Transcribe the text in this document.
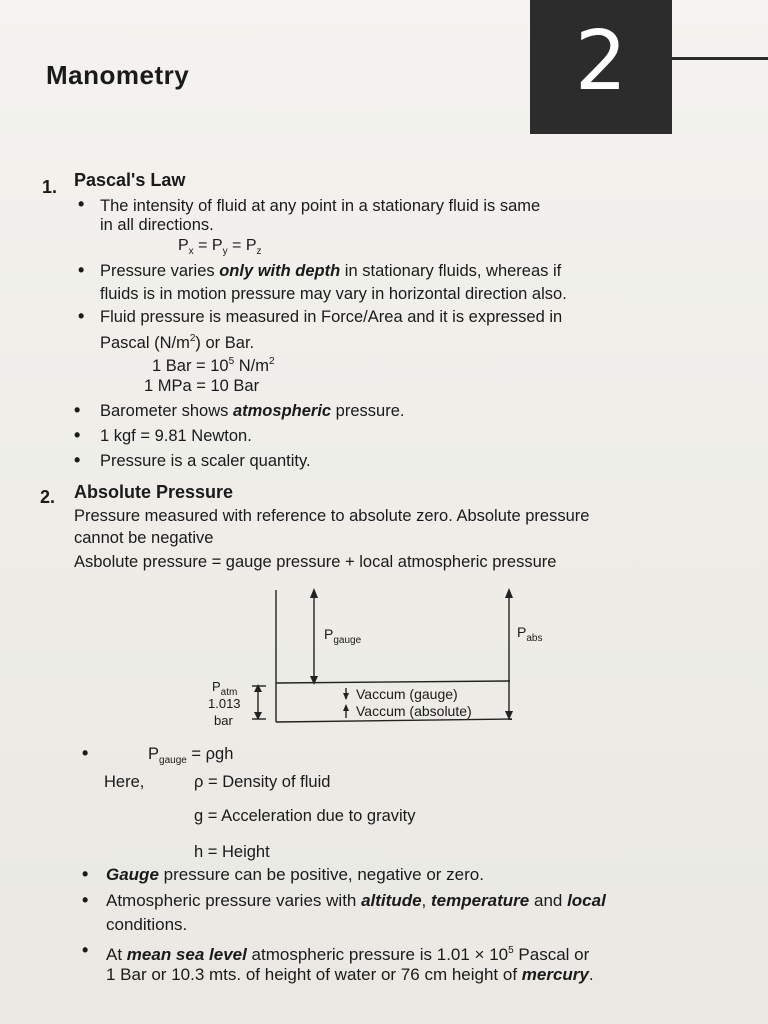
Manometry	2
1. Pascal's Law
• The intensity of fluid at any point in a stationary fluid is same
in all directions.
$P_x = P_y = P_z$
• Pressure varies only with depth in stationary fluids, whereas if
fluids is in motion pressure may vary in horizontal direction also.
• Fluid pressure is measured in Force/Area and it is expressed in
Pascal $(N/m^2)$ or Bar.
1 Bar = $10^5$ $N/m^2$
1 MPa = 10 Bar
• Barometer shows atmospheric pressure.
• 1 kgf = 9.81 Newton.
• Pressure is a scaler quantity.
2. Absolute Pressure
Pressure measured with reference to absolute zero. Absolute pressure
cannot be negative
Asbolute pressure = gauge pressure + local atmospheric pressure
$P_{gauge}$
$P_{abs}$
$P_{atm}$
1.013
bar
Vaccum (gauge)
Vaccum (absolute)
•	$P_{gauge} = \rho gh$
Here,	ρ = Density of fluid
g = Acceleration due to gravity
h = Height
• Gauge pressure can be positive, negative or zero.
• Atmospheric pressure varies with altitude, temperature and local
conditions.
• At mean sea level atmospheric pressure is $1.01 \times 10^5$ Pascal or
1 Bar or 10.3 mts. of height of water or 76 cm height of mercury.
